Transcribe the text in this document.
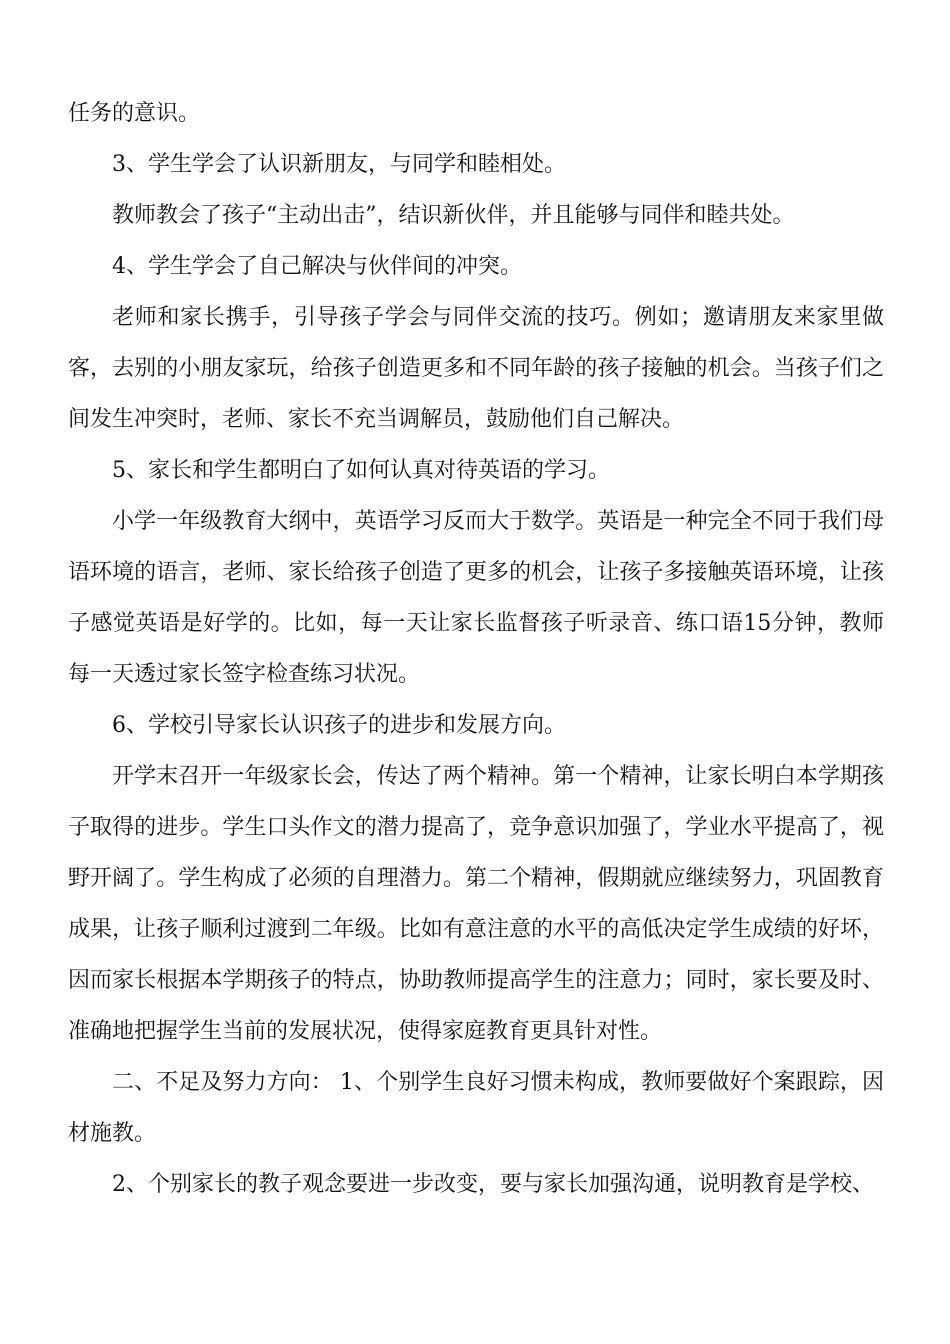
任务的意识。

3、学生学会了认识新朋友，与同学和睦相处。

教师教会了孩子“主动出击”，结识新伙伴，并且能够与同伴和睦共处。

4、学生学会了自己解决与伙伴间的冲突。

老师和家长携手，引导孩子学会与同伴交流的技巧。例如；邀请朋友来家里做客，去别的小朋友家玩，给孩子创造更多和不同年龄的孩子接触的机会。当孩子们之间发生冲突时，老师、家长不充当调解员，鼓励他们自己解决。

5、家长和学生都明白了如何认真对待英语的学习。

小学一年级教育大纲中，英语学习反而大于数学。英语是一种完全不同于我们母语环境的语言，老师、家长给孩子创造了更多的机会，让孩子多接触英语环境，让孩子感觉英语是好学的。比如，每一天让家长监督孩子听录音、练口语15分钟，教师每一天透过家长签字检查练习状况。

6、学校引导家长认识孩子的进步和发展方向。

开学末召开一年级家长会，传达了两个精神。第一个精神，让家长明白本学期孩子取得的进步。学生口头作文的潜力提高了，竞争意识加强了，学业水平提高了，视野开阔了。学生构成了必须的自理潜力。第二个精神，假期就应继续努力，巩固教育成果，让孩子顺利过渡到二年级。比如有意注意的水平的高低决定学生成绩的好坏，因而家长根据本学期孩子的特点，协助教师提高学生的注意力；同时，家长要及时、准确地把握学生当前的发展状况，使得家庭教育更具针对性。

二、不足及努力方向： 1、个别学生良好习惯未构成，教师要做好个案跟踪，因材施教。

2、个别家长的教子观念要进一步改变，要与家长加强沟通，说明教育是学校、
